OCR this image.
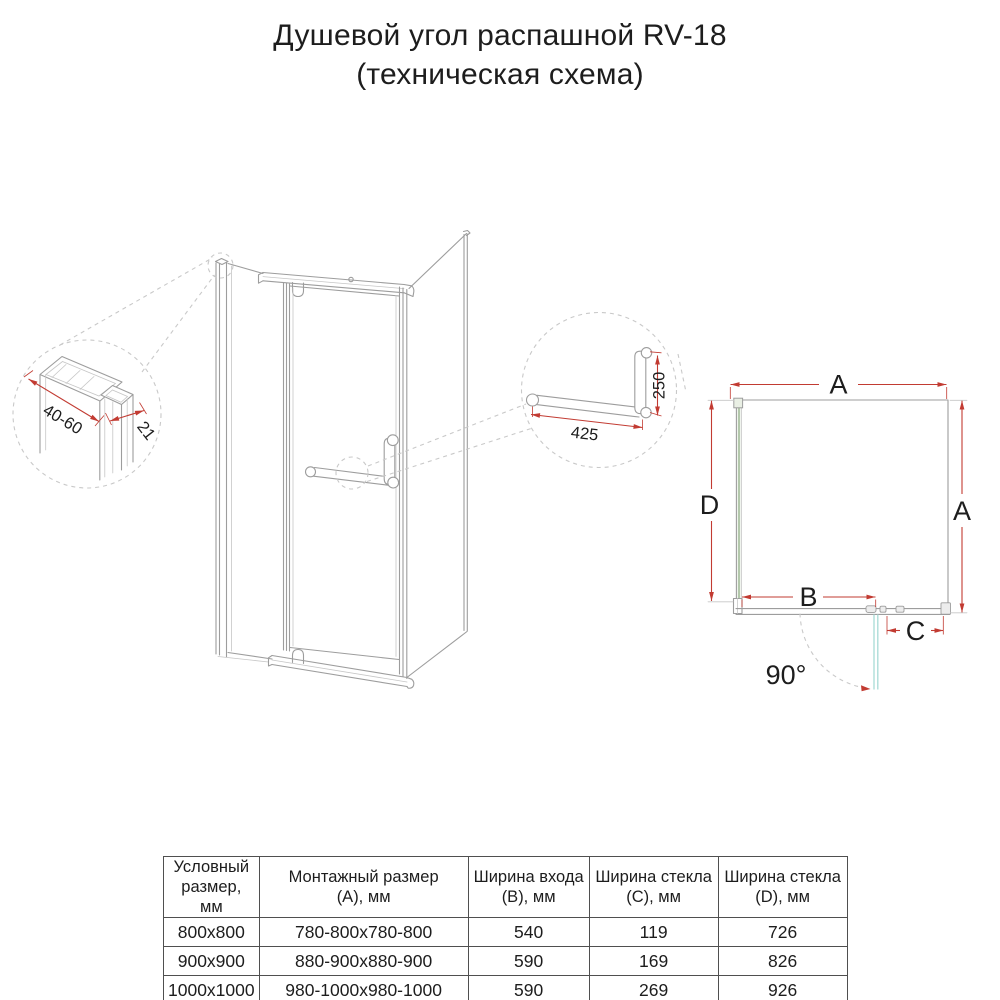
Душевой угол распашной RV-18
(техническая схема)
40-60	21	425
250	A
A
D
B
C
90°
Условный размер, мм	Монтажный размер (А), мм	Ширина входа (B), мм	Ширина стекла (C), мм	Ширина стекла (D), мм
800x800	780-800x780-800	540	119	726
900x900	880-900x880-900	590	169	826
1000x1000	980-1000x980-1000	590	269	926
